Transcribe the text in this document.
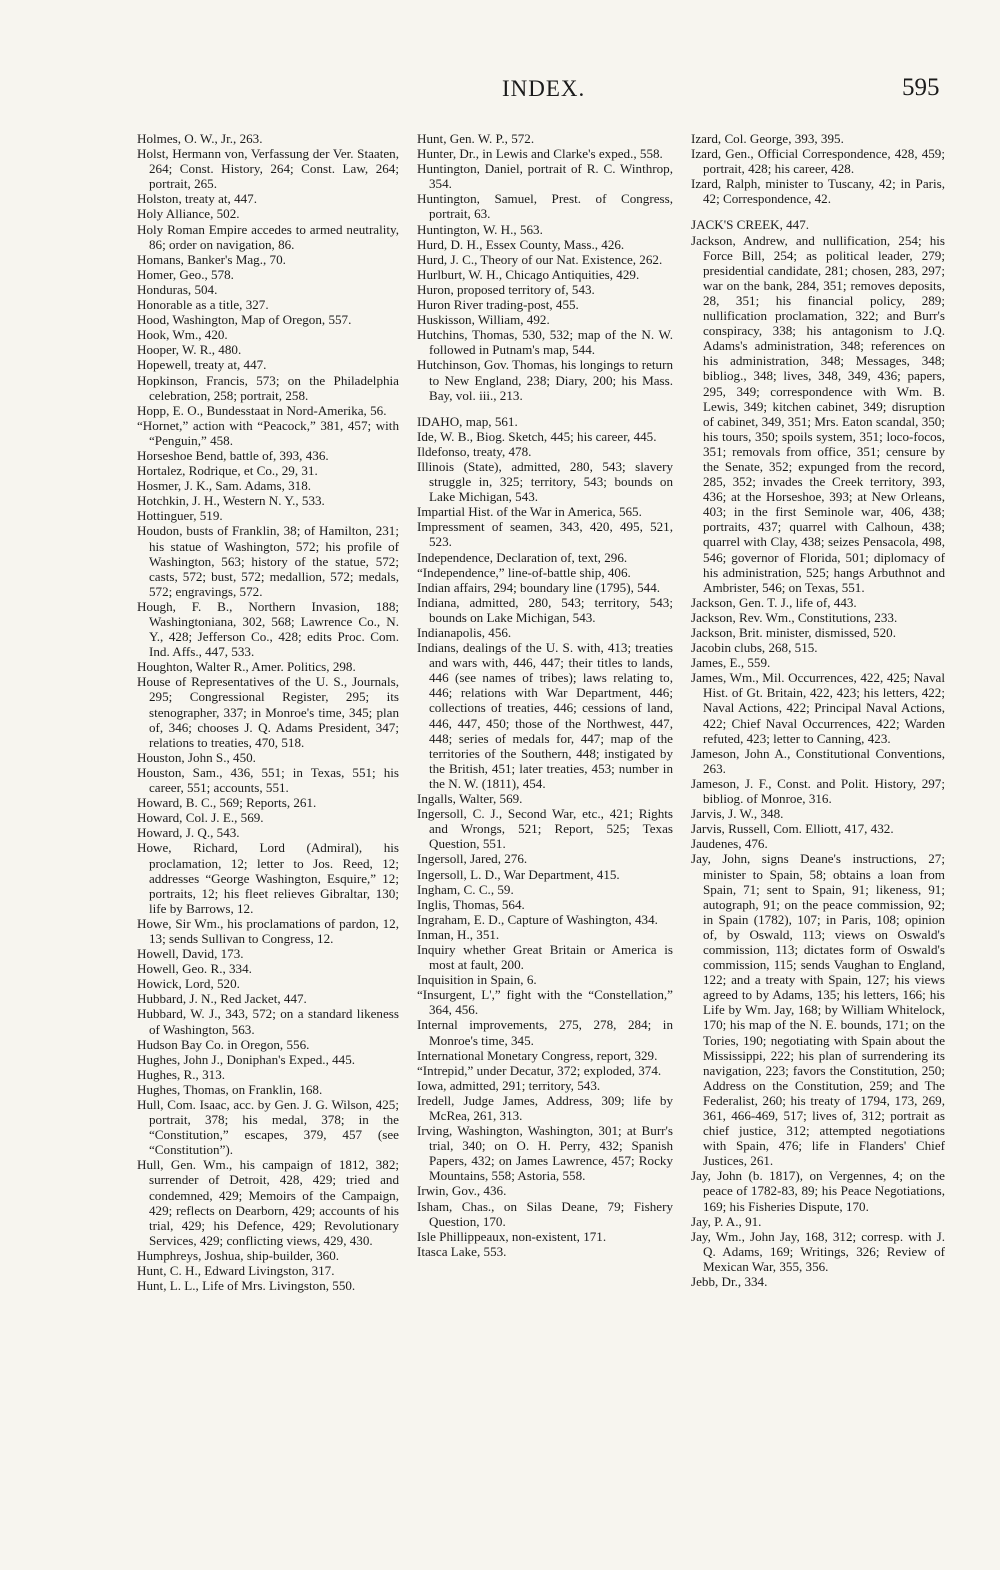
INDEX.	595

Holmes, O. W., Jr., 263.

Holst, Hermann von, Verfassung der Ver. Staaten, 264; Const. History, 264; Const. Law, 264; portrait, 265.

Holston, treaty at, 447.

Holy Alliance, 502.

Holy Roman Empire accedes to armed neutrality, 86; order on navigation, 86.

Homans, Banker's Mag., 70.

Homer, Geo., 578.

Honduras, 504.

Honorable as a title, 327.

Hood, Washington, Map of Oregon, 557.

Hook, Wm., 420.

Hooper, W. R., 480.

Hopewell, treaty at, 447.

Hopkinson, Francis, 573; on the Philadelphia celebration, 258; portrait, 258.

Hopp, E. O., Bundesstaat in Nord-Amerika, 56.

“Hornet,” action with “Peacock,” 381, 457; with “Penguin,” 458.

Horseshoe Bend, battle of, 393, 436.

Hortalez, Rodrique, et Co., 29, 31.

Hosmer, J. K., Sam. Adams, 318.

Hotchkin, J. H., Western N. Y., 533.

Hottinguer, 519.

Houdon, busts of Franklin, 38; of Hamilton, 231; his statue of Washington, 572; his profile of Washington, 563; history of the statue, 572; casts, 572; bust, 572; medallion, 572; medals, 572; engravings, 572.

Hough, F. B., Northern Invasion, 188; Washingtoniana, 302, 568; Lawrence Co., N. Y., 428; Jefferson Co., 428; edits Proc. Com. Ind. Affs., 447, 533.

Houghton, Walter R., Amer. Politics, 298.

House of Representatives of the U. S., Journals, 295; Congressional Register, 295; its stenographer, 337; in Monroe's time, 345; plan of, 346; chooses J. Q. Adams President, 347; relations to treaties, 470, 518.

Houston, John S., 450.

Houston, Sam., 436, 551; in Texas, 551; his career, 551; accounts, 551.

Howard, B. C., 569; Reports, 261.

Howard, Col. J. E., 569.

Howard, J. Q., 543.

Howe, Richard, Lord (Admiral), his proclamation, 12; letter to Jos. Reed, 12; addresses “George Washington, Esquire,” 12; portraits, 12; his fleet relieves Gibraltar, 130; life by Barrows, 12.

Howe, Sir Wm., his proclamations of pardon, 12, 13; sends Sullivan to Congress, 12.

Howell, David, 173.

Howell, Geo. R., 334.

Howick, Lord, 520.

Hubbard, J. N., Red Jacket, 447.

Hubbard, W. J., 343, 572; on a standard likeness of Washington, 563.

Hudson Bay Co. in Oregon, 556.

Hughes, John J., Doniphan's Exped., 445.

Hughes, R., 313.

Hughes, Thomas, on Franklin, 168.

Hull, Com. Isaac, acc. by Gen. J. G. Wilson, 425; portrait, 378; his medal, 378; in the “Constitution,” escapes, 379, 457 (see “Constitution”).

Hull, Gen. Wm., his campaign of 1812, 382; surrender of Detroit, 428, 429; tried and condemned, 429; Memoirs of the Campaign, 429; reflects on Dearborn, 429; accounts of his trial, 429; his Defence, 429; Revolutionary Services, 429; conflicting views, 429, 430.

Humphreys, Joshua, ship-builder, 360.

Hunt, C. H., Edward Livingston, 317.

Hunt, L. L., Life of Mrs. Livingston, 550.

Hunt, Gen. W. P., 572.

Hunter, Dr., in Lewis and Clarke's exped., 558.

Huntington, Daniel, portrait of R. C. Winthrop, 354.

Huntington, Samuel, Prest. of Congress, portrait, 63.

Huntington, W. H., 563.

Hurd, D. H., Essex County, Mass., 426.

Hurd, J. C., Theory of our Nat. Existence, 262.

Hurlburt, W. H., Chicago Antiquities, 429.

Huron, proposed territory of, 543.

Huron River trading-post, 455.

Huskisson, William, 492.

Hutchins, Thomas, 530, 532; map of the N. W. followed in Putnam's map, 544.

Hutchinson, Gov. Thomas, his longings to return to New England, 238; Diary, 200; his Mass. Bay, vol. iii., 213.

IDAHO, map, 561.

Ide, W. B., Biog. Sketch, 445; his career, 445.

Ildefonso, treaty, 478.

Illinois (State), admitted, 280, 543; slavery struggle in, 325; territory, 543; bounds on Lake Michigan, 543.

Impartial Hist. of the War in America, 565.

Impressment of seamen, 343, 420, 495, 521, 523.

Independence, Declaration of, text, 296.

“Independence,” line-of-battle ship, 406.

Indian affairs, 294; boundary line (1795), 544.

Indiana, admitted, 280, 543; territory, 543; bounds on Lake Michigan, 543.

Indianapolis, 456.

Indians, dealings of the U. S. with, 413; treaties and wars with, 446, 447; their titles to lands, 446 (see names of tribes); laws relating to, 446; relations with War Department, 446; collections of treaties, 446; cessions of land, 446, 447, 450; those of the Northwest, 447, 448; series of medals for, 447; map of the territories of the Southern, 448; instigated by the British, 451; later treaties, 453; number in the N. W. (1811), 454.

Ingalls, Walter, 569.

Ingersoll, C. J., Second War, etc., 421; Rights and Wrongs, 521; Report, 525; Texas Question, 551.

Ingersoll, Jared, 276.

Ingersoll, L. D., War Department, 415.

Ingham, C. C., 59.

Inglis, Thomas, 564.

Ingraham, E. D., Capture of Washington, 434.

Inman, H., 351.

Inquiry whether Great Britain or America is most at fault, 200.

Inquisition in Spain, 6.

“Insurgent, L',” fight with the “Constellation,” 364, 456.

Internal improvements, 275, 278, 284; in Monroe's time, 345.

International Monetary Congress, report, 329.

“Intrepid,” under Decatur, 372; exploded, 374.

Iowa, admitted, 291; territory, 543.

Iredell, Judge James, Address, 309; life by McRea, 261, 313.

Irving, Washington, Washington, 301; at Burr's trial, 340; on O. H. Perry, 432; Spanish Papers, 432; on James Lawrence, 457; Rocky Mountains, 558; Astoria, 558.

Irwin, Gov., 436.

Isham, Chas., on Silas Deane, 79; Fishery Question, 170.

Isle Phillippeaux, non-existent, 171.

Itasca Lake, 553.

Izard, Col. George, 393, 395.

Izard, Gen., Official Correspondence, 428, 459; portrait, 428; his career, 428.

Izard, Ralph, minister to Tuscany, 42; in Paris, 42; Correspondence, 42.

JACK'S CREEK, 447.

Jackson, Andrew, and nullification, 254; his Force Bill, 254; as political leader, 279; presidential candidate, 281; chosen, 283, 297; war on the bank, 284, 351; removes deposits, 28, 351; his financial policy, 289; nullification proclamation, 322; and Burr's conspiracy, 338; his antagonism to J.Q. Adams's administration, 348; references on his administration, 348; Messages, 348; bibliog., 348; lives, 348, 349, 436; papers, 295, 349; correspondence with Wm. B. Lewis, 349; kitchen cabinet, 349; disruption of cabinet, 349, 351; Mrs. Eaton scandal, 350; his tours, 350; spoils system, 351; loco-focos, 351; removals from office, 351; censure by the Senate, 352; expunged from the record, 285, 352; invades the Creek territory, 393, 436; at the Horseshoe, 393; at New Orleans, 403; in the first Seminole war, 406, 438; portraits, 437; quarrel with Calhoun, 438; quarrel with Clay, 438; seizes Pensacola, 498, 546; governor of Florida, 501; diplomacy of his administration, 525; hangs Arbuthnot and Ambrister, 546; on Texas, 551.

Jackson, Gen. T. J., life of, 443.

Jackson, Rev. Wm., Constitutions, 233.

Jackson, Brit. minister, dismissed, 520.

Jacobin clubs, 268, 515.

James, E., 559.

James, Wm., Mil. Occurrences, 422, 425; Naval Hist. of Gt. Britain, 422, 423; his letters, 422; Naval Actions, 422; Principal Naval Actions, 422; Chief Naval Occurrences, 422; Warden refuted, 423; letter to Canning, 423.

Jameson, John A., Constitutional Conventions, 263.

Jameson, J. F., Const. and Polit. History, 297; bibliog. of Monroe, 316.

Jarvis, J. W., 348.

Jarvis, Russell, Com. Elliott, 417, 432.

Jaudenes, 476.

Jay, John, signs Deane's instructions, 27; minister to Spain, 58; obtains a loan from Spain, 71; sent to Spain, 91; likeness, 91; autograph, 91; on the peace commission, 92; in Spain (1782), 107; in Paris, 108; opinion of, by Oswald, 113; views on Oswald's commission, 113; dictates form of Oswald's commission, 115; sends Vaughan to England, 122; and a treaty with Spain, 127; his views agreed to by Adams, 135; his letters, 166; his Life by Wm. Jay, 168; by William Whitelock, 170; his map of the N. E. bounds, 171; on the Tories, 190; negotiating with Spain about the Mississippi, 222; his plan of surrendering its navigation, 223; favors the Constitution, 250; Address on the Constitution, 259; and The Federalist, 260; his treaty of 1794, 173, 269, 361, 466-469, 517; lives of, 312; portrait as chief justice, 312; attempted negotiations with Spain, 476; life in Flanders' Chief Justices, 261.

Jay, John (b. 1817), on Vergennes, 4; on the peace of 1782-83, 89; his Peace Negotiations, 169; his Fisheries Dispute, 170.

Jay, P. A., 91.

Jay, Wm., John Jay, 168, 312; corresp. with J. Q. Adams, 169; Writings, 326; Review of Mexican War, 355, 356.

Jebb, Dr., 334.
